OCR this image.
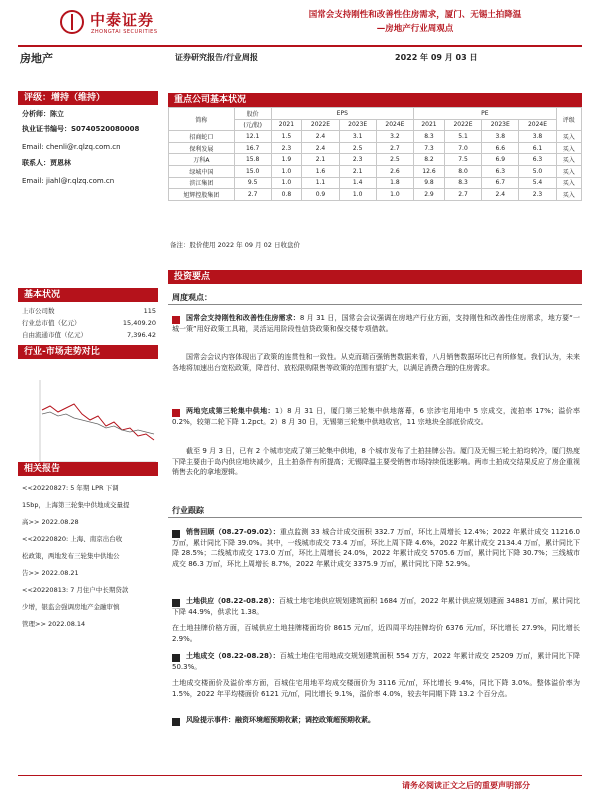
中泰证券
ZHONGTAI SECURITIES
国常会支持刚性和改善性住房需求，厦门、无锡土拍降温
—房地产行业周观点
房地产	证券研究报告/行业周报	2022 年 09 月 03 日
评级：增持（维持）
分析师：陈立
执业证书编号：S0740520080008
Email: chenli@r.qlzq.com.cn
联系人：贾恩林
Email: jiahl@r.qlzq.com.cn
基本状况
上市公司数	115
行业总市值（亿元）	15,409.20
自由流通市值（亿元）	7,396.42
行业-市场走势对比
相关报告
<<20220827: 5 年期 LPR 下调
15bp，上海第三轮集中供地成交量提
高>> 2022.08.28
<<20220820: 上海、南京出台收
松政策，两地发布三轮集中供地公
告>> 2022.08.21
<<20220813: 7 月住户中长期贷款
少增，银监会强调房地产金融审慎
管理>> 2022.08.14
重点公司基本状况
简称	股价	EPS				PE				评级
	(元/股)	2021	2022E	2023E	2024E	2021	2022E	2023E	2024E	
招商蛇口	12.1	1.5	2.4	3.1	3.2	8.3	5.1	3.8	3.8	买入
保利发展	16.7	2.3	2.4	2.5	2.7	7.3	7.0	6.6	6.1	买入
万科A	15.8	1.9	2.1	2.3	2.5	8.2	7.5	6.9	6.3	买入
绿城中国	15.0	1.0	1.6	2.1	2.6	12.6	8.0	6.3	5.0	买入
滨江集团	9.5	1.0	1.1	1.4	1.8	9.8	8.3	6.7	5.4	买入
旭辉控股集团	2.7	0.8	0.9	1.0	1.0	2.9	2.7	2.4	2.3	买入
备注：股价使用 2022 年 09 月 02 日收盘价
投资要点
周度观点：
国常会支持刚性和改善性住房需求：8 月 31 日，国常会会议强调在房地产行业方面，支持刚性和改善性住房需求，地方要“一城一策”用好政策工具箱，灵活运用阶段性信贷政策和保交楼专项借款。
国常会会议内容体现出了政策的连贯性和一致性。从克而瑞百强销售数据来看，八月销售数据环比已有所修复。我们认为，未来各地将加速出台宽松政策，降首付、放松限购限售等政策的范围有望扩大，以满足消费合理的住房需求。
两地完成第三轮集中供地：1）8 月 31 日，厦门第三轮集中供地落幕，6 宗涉宅用地中 5 宗成交，流拍率 17%；溢价率 0.2%，较第二轮下降 1.2pct。2）8 月 30 日，无锡第三轮集中供地收官，11 宗地块全部底价成交。
截至 9 月 3 日，已有 2 个城市完成了第三轮集中供地，8 个城市发布了土拍挂牌公告。厦门及无锡三轮土拍均转冷，厦门热度下降主要由于岛内供应地块减少，且土拍条件有所提高；无锡降温主要受销售市场持续低迷影响。两市土拍成交结果反应了房企重视销售去化的拿地逻辑。
行业跟踪
销售回顾（08.27-09.02）：重点监测 33 城合计成交面积 332.7 万㎡，环比上周增长 12.4%；2022 年累计成交 11216.0 万㎡，累计同比下降 39.0%。其中，一线城市成交 73.4 万㎡，环比上周下降 4.6%，2022 年累计成交 2134.4 万㎡，累计同比下降 28.5%；二线城市成交 173.0 万㎡，环比上周增长 24.0%，2022 年累计成交 5705.6 万㎡，累计同比下降 30.7%；三线城市成交 86.3 万㎡，环比上周增长 8.7%，2022 年累计成交 3375.9 万㎡，累计同比下降 52.9%。
土地供应（08.22-08.28）：百城土地宅地供应规划建筑面积 1684 万㎡，2022 年累计供应规划建面 34881 万㎡，累计同比下降 44.9%，供求比 1.38。
在土地挂牌价格方面，百城供应土地挂牌楼面均价 8615 元/㎡，近四周平均挂牌均价 6376 元/㎡，环比增长 27.9%，同比增长 2.9%。
土地成交（08.22-08.28）：百城土地住宅用地成交规划建筑面积 554 万方，2022 年累计成交 25209 万㎡，累计同比下降 50.3%。
土地成交楼面价及溢价率方面，百城住宅用地平均成交楼面价为 3116 元/㎡，环比增长 9.4%，同比下降 3.0%。整体溢价率为 1.5%，2022 年平均楼面价 6121 元/㎡，同比增长 9.1%，溢价率 4.0%，较去年同期下降 13.2 个百分点。
风险提示事件：融资环境超预期收紧；调控政策超预期收紧。
请务必阅读正文之后的重要声明部分
